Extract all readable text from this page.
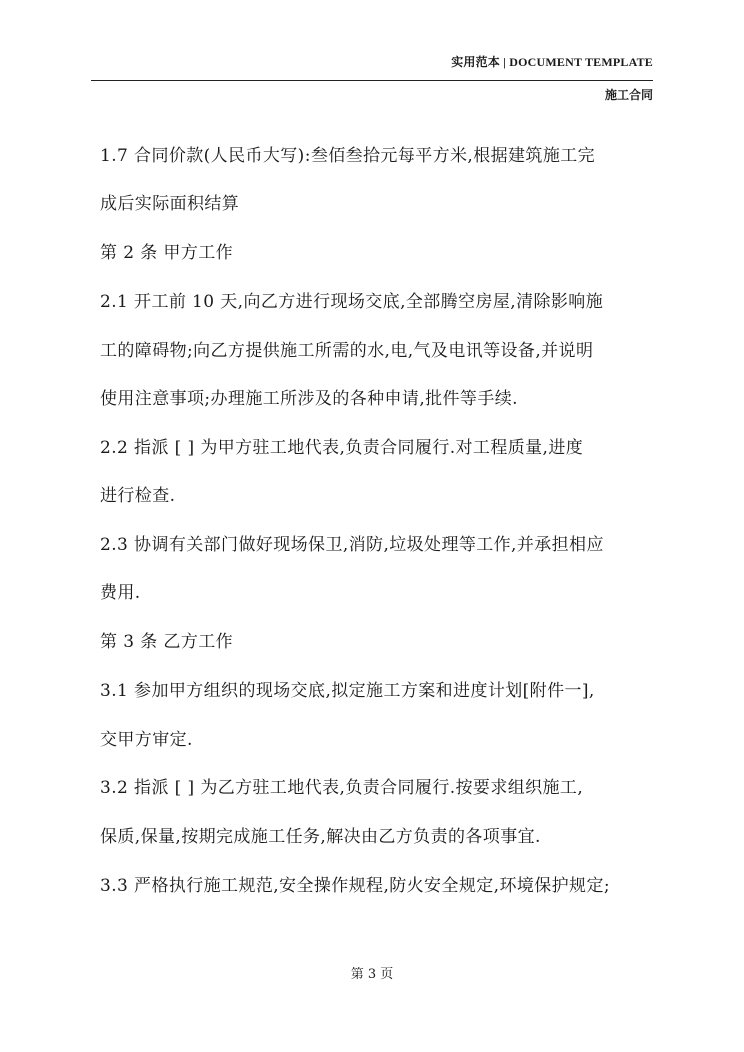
实用范本 | DOCUMENT TEMPLATE
施工合同
1.7 合同价款(人民币大写):叁佰叁拾元每平方米,根据建筑施工完
成后实际面积结算
第 2 条 甲方工作
2.1 开工前 10 天,向乙方进行现场交底,全部腾空房屋,清除影响施
工的障碍物;向乙方提供施工所需的水,电,气及电讯等设备,并说明
使用注意事项;办理施工所涉及的各种申请,批件等手续.
2.2 指派 [ ] 为甲方驻工地代表,负责合同履行.对工程质量,进度
进行检查.
2.3 协调有关部门做好现场保卫,消防,垃圾处理等工作,并承担相应
费用.
第 3 条 乙方工作
3.1 参加甲方组织的现场交底,拟定施工方案和进度计划[附件一],
交甲方审定.
3.2 指派 [ ] 为乙方驻工地代表,负责合同履行.按要求组织施工,
保质,保量,按期完成施工任务,解决由乙方负责的各项事宜.
3.3 严格执行施工规范,安全操作规程,防火安全规定,环境保护规定;
第 3 页
